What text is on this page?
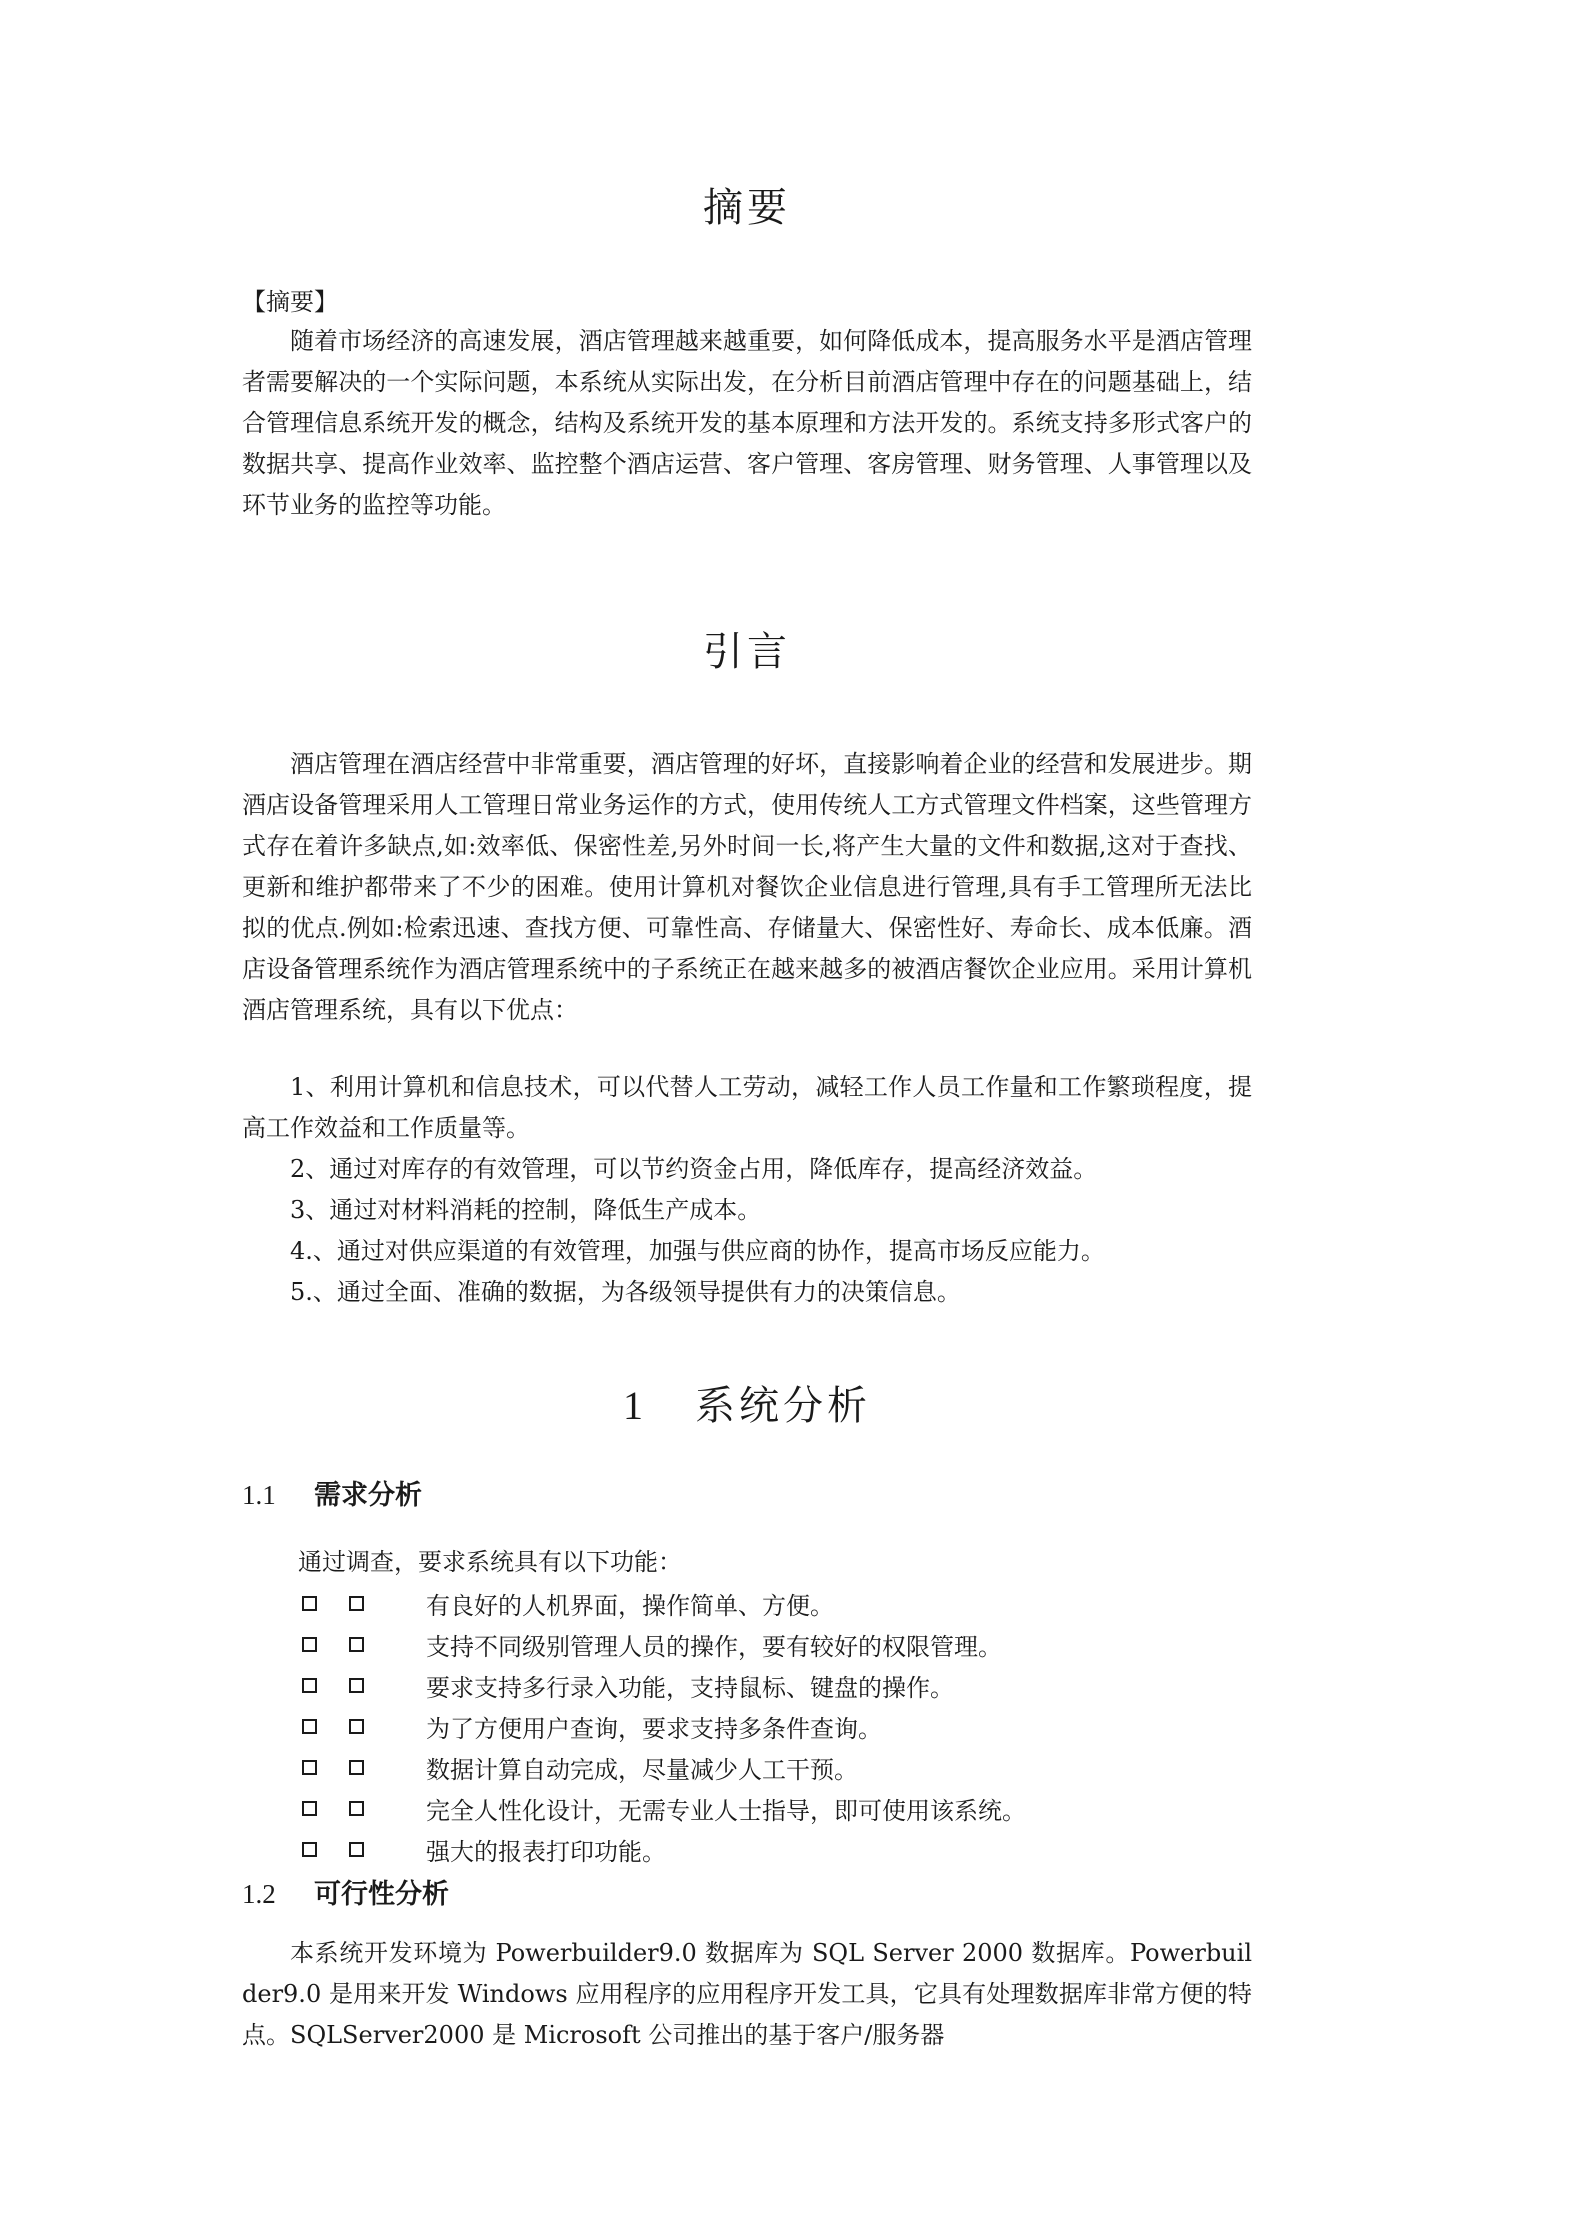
摘要

【摘要】

随着市场经济的高速发展，酒店管理越来越重要，如何降低成本，提高服务水平是酒店管理者需要解决的一个实际问题，本系统从实际出发，在分析目前酒店管理中存在的问题基础上，结合管理信息系统开发的概念，结构及系统开发的基本原理和方法开发的。系统支持多形式客户的数据共享、提高作业效率、监控整个酒店运营、客户管理、客房管理、财务管理、人事管理以及环节业务的监控等功能。

引言

酒店管理在酒店经营中非常重要，酒店管理的好坏，直接影响着企业的经营和发展进步。期酒店设备管理采用人工管理日常业务运作的方式，使用传统人工方式管理文件档案，这些管理方式存在着许多缺点,如:效率低、保密性差,另外时间一长,将产生大量的文件和数据,这对于查找、更新和维护都带来了不少的困难。使用计算机对餐饮企业信息进行管理,具有手工管理所无法比拟的优点.例如:检索迅速、查找方便、可靠性高、存储量大、保密性好、寿命长、成本低廉。酒店设备管理系统作为酒店管理系统中的子系统正在越来越多的被酒店餐饮企业应用。采用计算机酒店管理系统，具有以下优点：

1、利用计算机和信息技术，可以代替人工劳动，减轻工作人员工作量和工作繁琐程度，提高工作效益和工作质量等。

2、通过对库存的有效管理，可以节约资金占用，降低库存，提高经济效益。

3、通过对材料消耗的控制，降低生产成本。

4.、通过对供应渠道的有效管理，加强与供应商的协作，提高市场反应能力。

5.、通过全面、准确的数据，为各级领导提供有力的决策信息。

1 系统分析
1.1 需求分析

通过调查，要求系统具有以下功能：

有良好的人机界面，操作简单、方便。
支持不同级别管理人员的操作，要有较好的权限管理。
要求支持多行录入功能，支持鼠标、键盘的操作。
为了方便用户查询，要求支持多条件查询。
数据计算自动完成，尽量减少人工干预。
完全人性化设计，无需专业人士指导，即可使用该系统。
强大的报表打印功能。
1.2 可行性分析

本系统开发环境为 Powerbuilder9.0 数据库为 SQL Server 2000 数据库。Powerbuilder9.0 是用来开发 Windows 应用程序的应用程序开发工具，它具有处理数据库非常方便的特点。SQLServer2000 是 Microsoft 公司推出的基于客户/服务器
